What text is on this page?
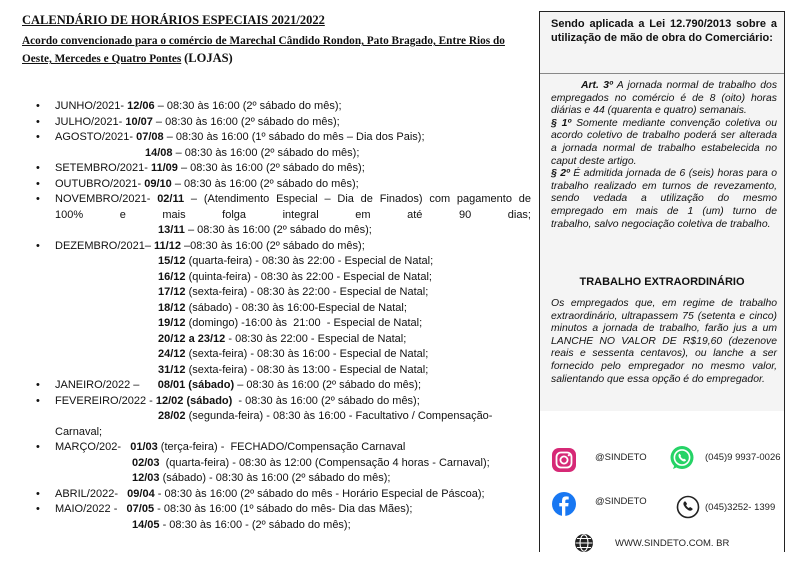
CALENDÁRIO DE HORÁRIOS ESPECIAIS 2021/2022
Acordo convencionado para o comércio de Marechal Cândido Rondon, Pato Bragado, Entre Rios do Oeste, Mercedes e Quatro Pontes (LOJAS)
• JUNHO/2021- 12/06 – 08:30 às 16:00 (2º sábado do mês);
• JULHO/2021- 10/07 – 08:30 às 16:00 (2º sábado do mês);
• AGOSTO/2021- 07/08 – 08:30 às 16:00 (1º sábado do mês – Dia dos Pais);
14/08 – 08:30 às 16:00 (2º sábado do mês);
• SETEMBRO/2021- 11/09 – 08:30 às 16:00 (2º sábado do mês);
• OUTUBRO/2021- 09/10 – 08:30 às 16:00 (2º sábado do mês);
• NOVEMBRO/2021- 02/11 – (Atendimento Especial – Dia de Finados) com pagamento de
100% e mais folga integral em até 90 dias;
13/11 – 08:30 às 16:00 (2º sábado do mês);
• DEZEMBRO/2021– 11/12 –08:30 às 16:00 (2º sábado do mês);
15/12 (quarta-feira) - 08:30 às 22:00 - Especial de Natal;
16/12 (quinta-feira) - 08:30 às 22:00 - Especial de Natal;
17/12 (sexta-feira) - 08:30 às 22:00 - Especial de Natal;
18/12 (sábado) - 08:30 às 16:00-Especial de Natal;
19/12 (domingo) -16:00 às  21:00  - Especial de Natal;
20/12 a 23/12 - 08:30 às 22:00 - Especial de Natal;
24/12 (sexta-feira) - 08:30 às 16:00 - Especial de Natal;
31/12 (sexta-feira) - 08:30 às 13:00 - Especial de Natal;
• JANEIRO/2022 –      08/01 (sábado) – 08:30 às 16:00 (2º sábado do mês);
• FEVEREIRO/2022 - 12/02 (sábado)  - 08:30 às 16:00 (2º sábado do mês);
28/02 (segunda-feira) - 08:30 às 16:00 - Facultativo / Compensação-
Carnaval;
• MARÇO/202-   01/03 (terça-feira) -  FECHADO/Compensação Carnaval
02/03  (quarta-feira) - 08:30 às 12:00 (Compensação 4 horas - Carnaval);
12/03 (sábado) - 08:30 às 16:00 (2º sábado do mês);
• ABRIL/2022-   09/04 - 08:30 às 16:00 (2º sábado do mês - Horário Especial de Páscoa);
• MAIO/2022 -   07/05 - 08:30 às 16:00 (1º sábado do mês- Dia das Mães);
14/05 - 08:30 às 16:00 - (2º sábado do mês);
Sendo aplicada a Lei 12.790/2013 sobre a utilização de mão de obra do Comerciário:

Art. 3º A jornada normal de trabalho dos empregados no comércio é de 8 (oito) horas diárias e 44 (quarenta e quatro) semanais.

§ 1º Somente mediante convenção coletiva ou acordo coletivo de trabalho poderá ser alterada a jornada normal de trabalho estabelecida no caput deste artigo.

§ 2º É admitida jornada de 6 (seis) horas para o trabalho realizado em turnos de revezamento, sendo vedada a utilização do mesmo empregado em mais de 1 (um) turno de trabalho, salvo negociação coletiva de trabalho.

TRABALHO EXTRAORDINÁRIO
Os empregados que, em regime de trabalho extraordinário, ultrapassem 75 (setenta e cinco) minutos a jornada de trabalho, farão jus a um LANCHE NO VALOR DE R$19,60 (dezenove reais e sessenta centavos), ou lanche a ser fornecido pelo empregador no mesmo valor, salientando que essa opção é do empregador.
@SINDETO	(045)9 9937-0026
@SINDETO
(045)3252- 1399
WWW.SINDETO.COM. BR
